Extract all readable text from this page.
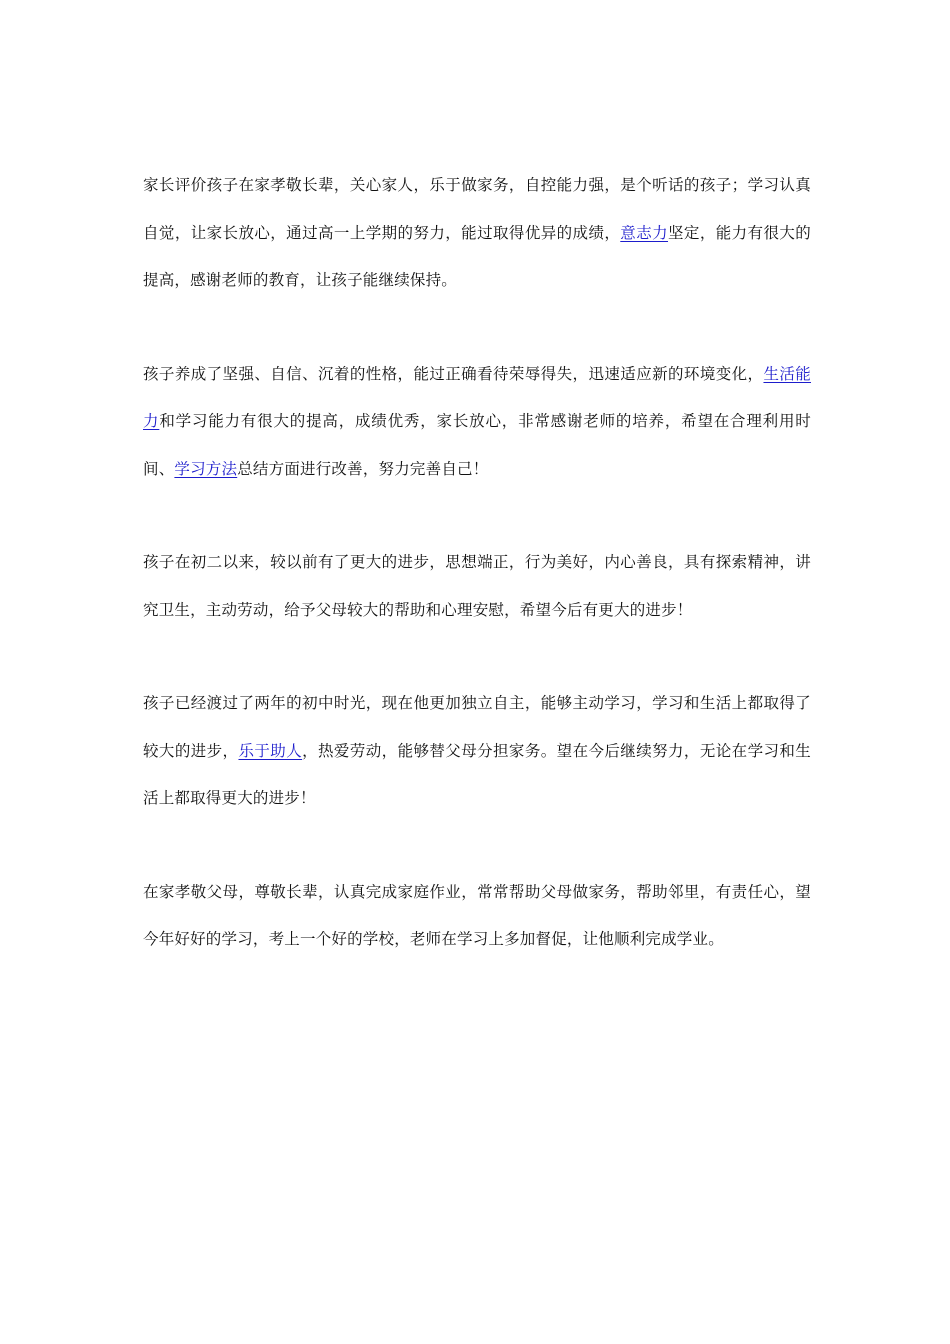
家长评价孩子在家孝敬长辈，关心家人，乐于做家务，自控能力强，是个听话的孩子；学习认真自觉，让家长放心，通过高一上学期的努力，能过取得优异的成绩，意志力坚定，能力有很大的提高，感谢老师的教育，让孩子能继续保持。

孩子养成了坚强、自信、沉着的性格，能过正确看待荣辱得失，迅速适应新的环境变化，生活能力和学习能力有很大的提高，成绩优秀，家长放心，非常感谢老师的培养，希望在合理利用时间、学习方法总结方面进行改善，努力完善自己！

孩子在初二以来，较以前有了更大的进步，思想端正，行为美好，内心善良，具有探索精神，讲究卫生，主动劳动，给予父母较大的帮助和心理安慰，希望今后有更大的进步！

孩子已经渡过了两年的初中时光，现在他更加独立自主，能够主动学习，学习和生活上都取得了较大的进步，乐于助人，热爱劳动，能够替父母分担家务。望在今后继续努力，无论在学习和生活上都取得更大的进步！

在家孝敬父母，尊敬长辈，认真完成家庭作业，常常帮助父母做家务，帮助邻里，有责任心，望今年好好的学习，考上一个好的学校，老师在学习上多加督促，让他顺利完成学业。
